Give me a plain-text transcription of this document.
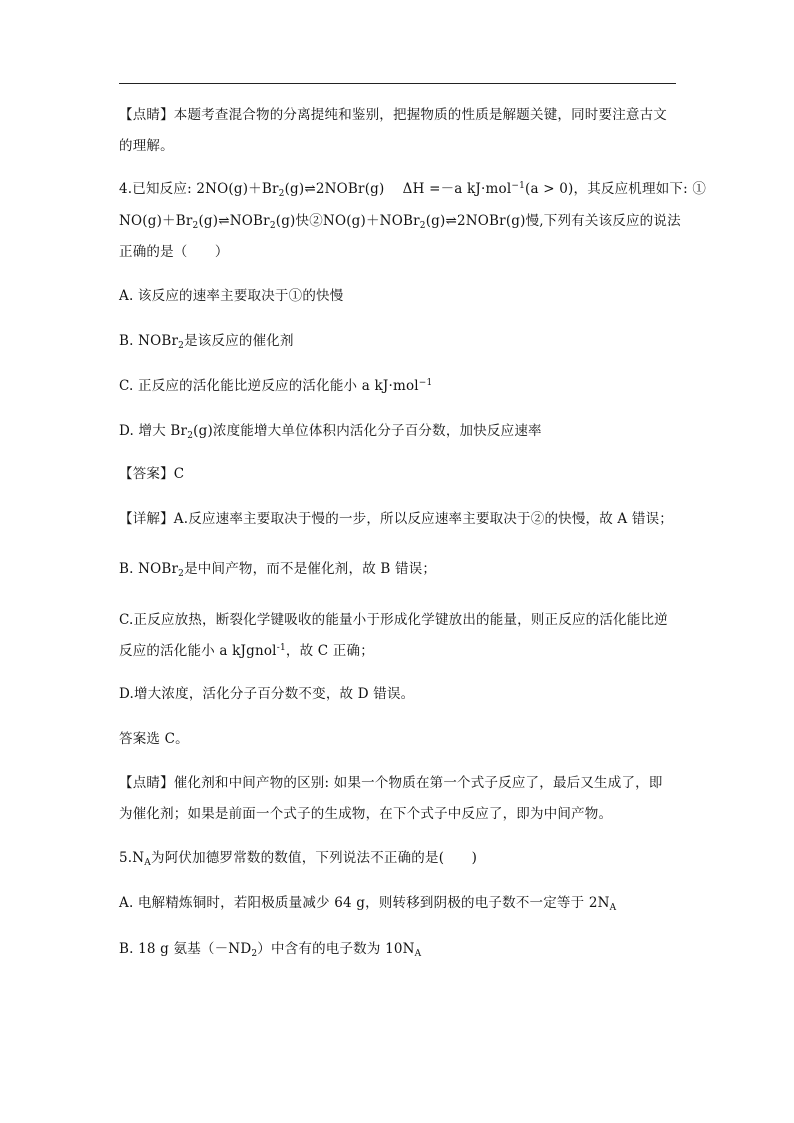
【点睛】本题考查混合物的分离提纯和鉴别，把握物质的性质是解题关键，同时要注意古文
的理解。
4.已知反应: $2NO(g)+Br_2(g)\rightleftharpoons 2NOBr(g)$　 ΔH =－a kJ·mol$^{-1}$(a > 0)，其反应机理如下: ①
$NO(g)+Br_2(g)\rightleftharpoons NOBr_2(g)$快②NO(g)＋NOBr$_2$(g)⇌2NOBr(g)慢,下列有关该反应的说法
正确的是（　　）
A. 该反应的速率主要取决于①的快慢
B. NOBr$_2$是该反应的催化剂
C. 正反应的活化能比逆反应的活化能小 a kJ·mol$^{-1}$
D. 增大 $Br_2(g)$浓度能增大单位体积内活化分子百分数，加快反应速率
【答案】C
【详解】A.反应速率主要取决于慢的一步，所以反应速率主要取决于②的快慢，故 A 错误；
B. NOBr$_2$是中间产物，而不是催化剂，故 B 错误；
C.正反应放热，断裂化学键吸收的能量小于形成化学键放出的能量，则正反应的活化能比逆
反应的活化能小 a kJgnol$^{-1}$，故 C 正确；
D.增大浓度，活化分子百分数不变，故 D 错误。
答案选 C。
【点睛】催化剂和中间产物的区别: 如果一个物质在第一个式子反应了，最后又生成了，即
为催化剂；如果是前面一个式子的生成物，在下个式子中反应了，即为中间产物。
$5.N_A$为阿伏加德罗常数的数值，下列说法不正确的是(　　)
A. 电解精炼铜时，若阳极质量减少 64 g，则转移到阴极的电子数不一定等于 $2N_A$
B. 18 g 氨基$(-ND_2)$中含有的电子数为 $10N_A$
